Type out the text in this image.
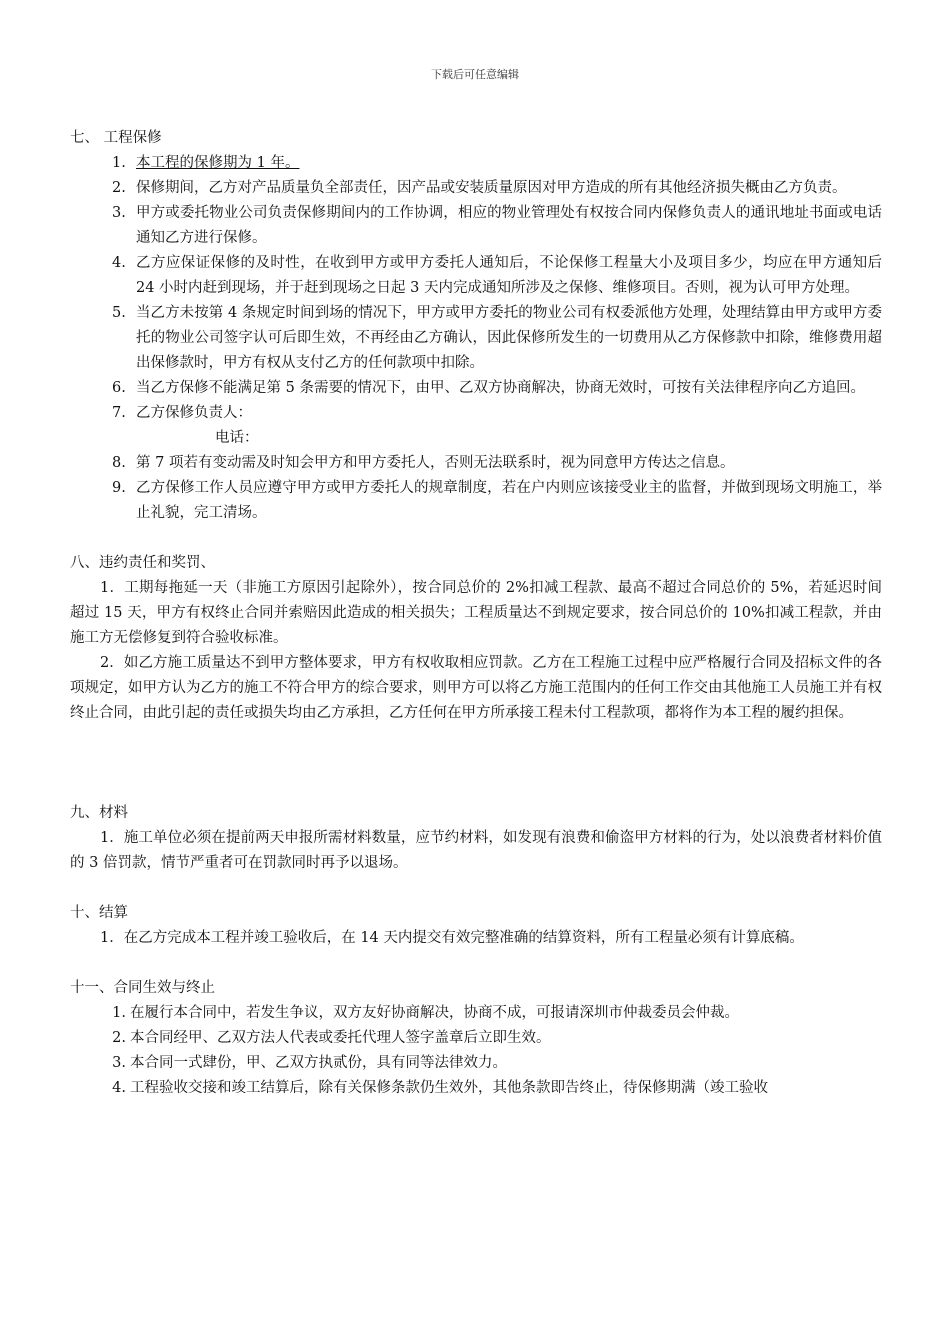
下载后可任意编辑
七、 工程保修
1. 本工程的保修期为 1 年。
2. 保修期间，乙方对产品质量负全部责任，因产品或安装质量原因对甲方造成的所有其他经济损失概由乙方负责。
3. 甲方或委托物业公司负责保修期间内的工作协调，相应的物业管理处有权按合同内保修负责人的通讯地址书面或电话通知乙方进行保修。
4. 乙方应保证保修的及时性，在收到甲方或甲方委托人通知后，不论保修工程量大小及项目多少，均应在甲方通知后 24 小时内赶到现场，并于赶到现场之日起 3 天内完成通知所涉及之保修、维修项目。否则，视为认可甲方处理。
5. 当乙方未按第 4 条规定时间到场的情况下，甲方或甲方委托的物业公司有权委派他方处理，处理结算由甲方或甲方委托的物业公司签字认可后即生效，不再经由乙方确认，因此保修所发生的一切费用从乙方保修款中扣除，维修费用超出保修款时，甲方有权从支付乙方的任何款项中扣除。
6. 当乙方保修不能满足第 5 条需要的情况下，由甲、乙双方协商解决，协商无效时，可按有关法律程序向乙方追回。
7. 乙方保修负责人：
电话：
8. 第 7 项若有变动需及时知会甲方和甲方委托人，否则无法联系时，视为同意甲方传达之信息。
9. 乙方保修工作人员应遵守甲方或甲方委托人的规章制度，若在户内则应该接受业主的监督，并做到现场文明施工，举止礼貌，完工清场。
八、违约责任和奖罚、

1．工期每拖延一天（非施工方原因引起除外），按合同总价的 2%扣减工程款、最高不超过合同总价的 5%，若延迟时间超过 15 天，甲方有权终止合同并索赔因此造成的相关损失；工程质量达不到规定要求，按合同总价的 10%扣减工程款，并由施工方无偿修复到符合验收标准。

2．如乙方施工质量达不到甲方整体要求，甲方有权收取相应罚款。乙方在工程施工过程中应严格履行合同及招标文件的各项规定，如甲方认为乙方的施工不符合甲方的综合要求，则甲方可以将乙方施工范围内的任何工作交由其他施工人员施工并有权终止合同，由此引起的责任或损失均由乙方承担，乙方任何在甲方所承接工程未付工程款项，都将作为本工程的履约担保。

九、材料

1．施工单位必须在提前两天申报所需材料数量，应节约材料，如发现有浪费和偷盗甲方材料的行为，处以浪费者材料价值的 3 倍罚款，情节严重者可在罚款同时再予以退场。

十、结算

1．在乙方完成本工程并竣工验收后，在 14 天内提交有效完整准确的结算资料，所有工程量必须有计算底稿。

十一、合同生效与终止
1. 在履行本合同中，若发生争议，双方友好协商解决，协商不成，可报请深圳市仲裁委员会仲裁。
2. 本合同经甲、乙双方法人代表或委托代理人签字盖章后立即生效。
3. 本合同一式肆份，甲、乙双方执贰份，具有同等法律效力。
4. 工程验收交接和竣工结算后，除有关保修条款仍生效外，其他条款即告终止，待保修期满（竣工验收
